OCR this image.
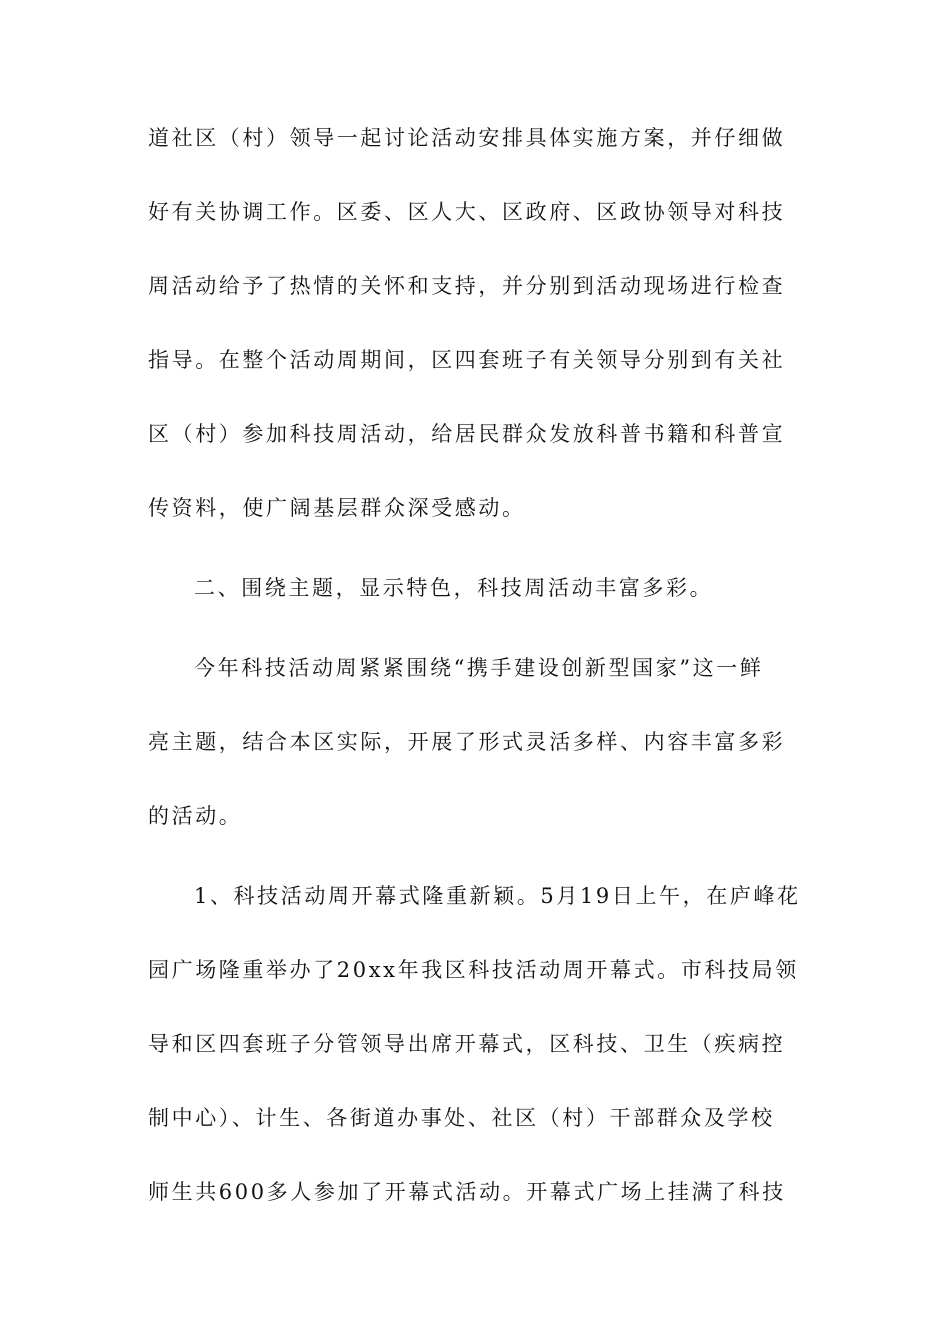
道社区（村）领导一起讨论活动安排具体实施方案，并仔细做
好有关协调工作。区委、区人大、区政府、区政协领导对科技
周活动给予了热情的关怀和支持，并分别到活动现场进行检查
指导。在整个活动周期间，区四套班子有关领导分别到有关社
区（村）参加科技周活动，给居民群众发放科普书籍和科普宣
传资料，使广阔基层群众深受感动。
二、围绕主题，显示特色，科技周活动丰富多彩。
今年科技活动周紧紧围绕“携手建设创新型国家”这一鲜
亮主题，结合本区实际，开展了形式灵活多样、内容丰富多彩
的活动。
1、科技活动周开幕式隆重新颖。5月19日上午，在庐峰花
园广场隆重举办了20xx年我区科技活动周开幕式。市科技局领
导和区四套班子分管领导出席开幕式，区科技、卫生（疾病控
制中心）、计生、各街道办事处、社区（村）干部群众及学校
师生共600多人参加了开幕式活动。开幕式广场上挂满了科技
